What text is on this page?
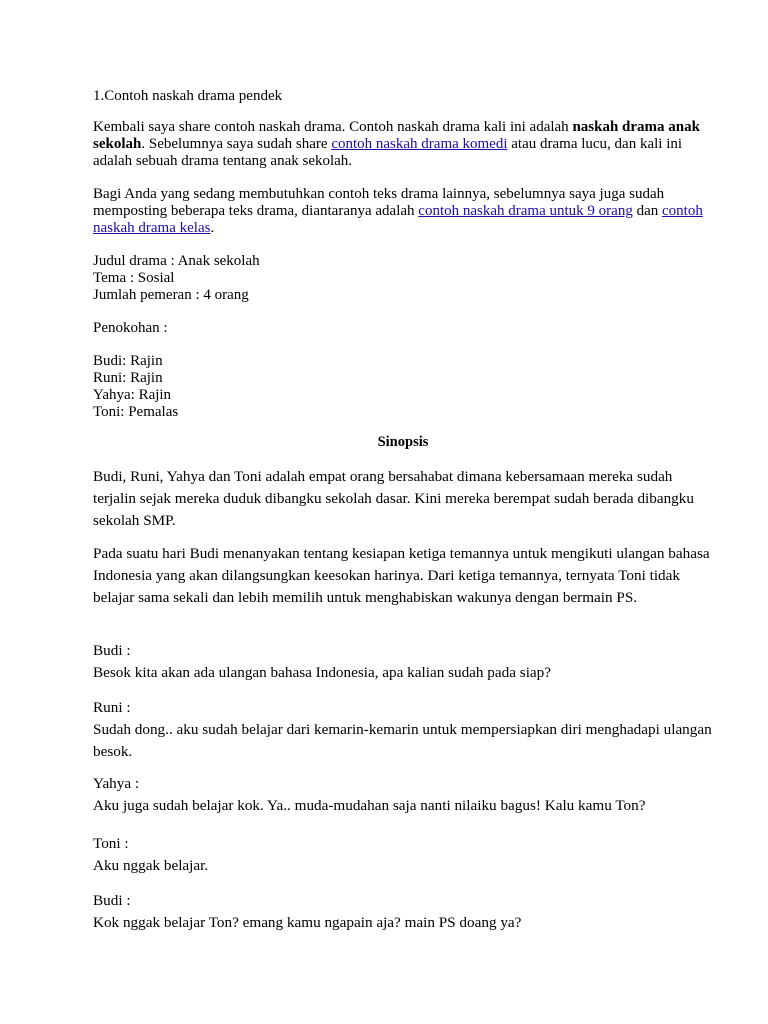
1.Contoh naskah drama pendek

Kembali saya share contoh naskah drama. Contoh naskah drama kali ini adalah naskah drama anak sekolah. Sebelumnya saya sudah share contoh naskah drama komedi atau drama lucu, dan kali ini adalah sebuah drama tentang anak sekolah.

Bagi Anda yang sedang membutuhkan contoh teks drama lainnya, sebelumnya saya juga sudah memposting beberapa teks drama, diantaranya adalah contoh naskah drama untuk 9 orang dan contoh naskah drama kelas.

Judul drama : Anak sekolah

Tema : Sosial

Jumlah pemeran : 4 orang

Penokohan :

Budi: Rajin

Runi: Rajin

Yahya: Rajin

Toni: Pemalas

Sinopsis

Budi, Runi, Yahya dan Toni adalah empat orang bersahabat dimana kebersamaan mereka sudah terjalin sejak mereka duduk dibangku sekolah dasar. Kini mereka berempat sudah berada dibangku sekolah SMP.

Pada suatu hari Budi menanyakan tentang kesiapan ketiga temannya untuk mengikuti ulangan bahasa Indonesia yang akan dilangsungkan keesokan harinya. Dari ketiga temannya, ternyata Toni tidak belajar sama sekali dan lebih memilih untuk menghabiskan wakunya dengan bermain PS.

Budi :

Besok kita akan ada ulangan bahasa Indonesia, apa kalian sudah pada siap?

Runi :

Sudah dong.. aku sudah belajar dari kemarin-kemarin untuk mempersiapkan diri menghadapi ulangan besok.

Yahya :

Aku juga sudah belajar kok. Ya.. muda-mudahan saja nanti nilaiku bagus! Kalu kamu Ton?

Toni :

Aku nggak belajar.

Budi :

Kok nggak belajar Ton? emang kamu ngapain aja? main PS doang ya?
